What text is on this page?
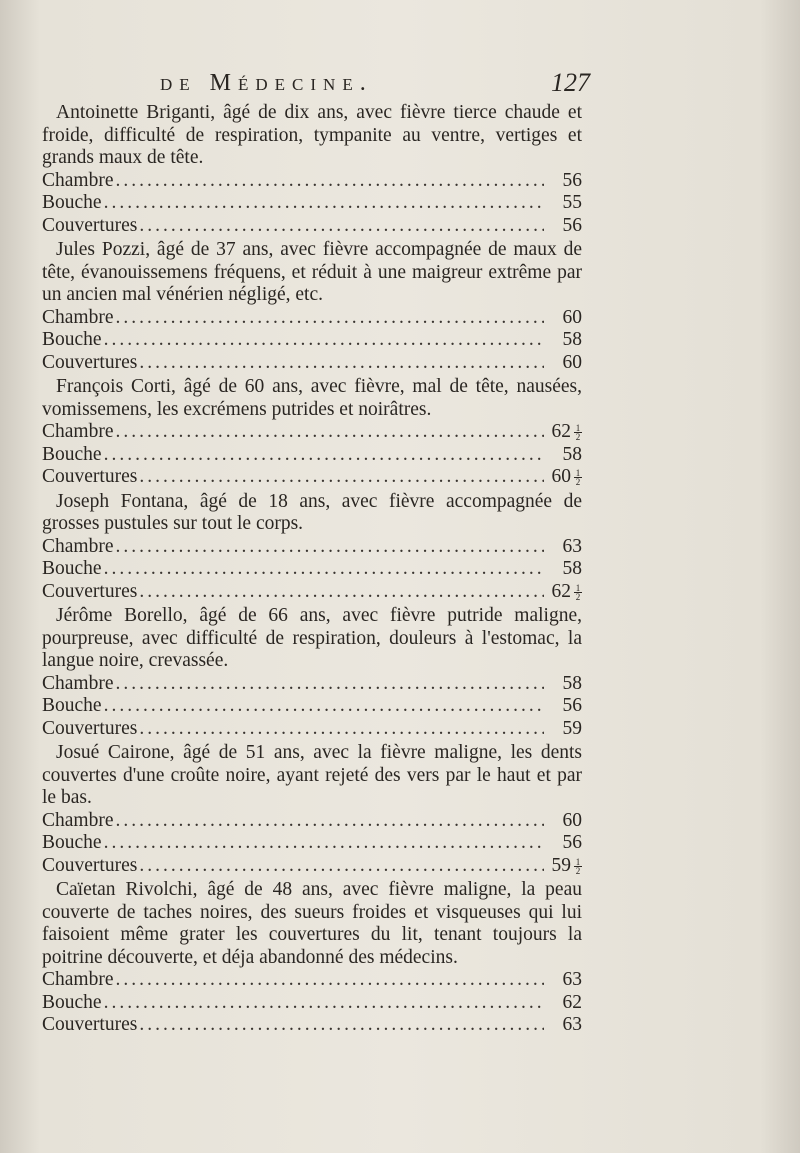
de Médecine.	127

Antoinette Briganti, âgé de dix ans, avec fièvre tierce chaude et froide, difficulté de respiration, tympanite au ventre, vertiges et grands maux de tête.

Chambre .....	56
Bouche .....	55
Couvertures .....	56

Jules Pozzi, âgé de 37 ans, avec fièvre accompagnée de maux de tête, évanouissemens fréquens, et réduit à une maigreur extrême par un ancien mal vénérien négligé, etc.

Chambre .....	60
Bouche .....	58
Couvertures .....	60

François Corti, âgé de 60 ans, avec fièvre, mal de tête, nausées, vomissemens, les excrémens putrides et noirâtres.

Chambre .....	$62 \frac{1}{2}$
Bouche .....	58
Couvertures .....	$60 \frac{1}{2}$

Joseph Fontana, âgé de 18 ans, avec fièvre accompagnée de grosses pustules sur tout le corps.

Chambre .....	63
Bouche .....	58
Couvertures .....	$62 \frac{1}{2}$

Jérôme Borello, âgé de 66 ans, avec fièvre putride maligne, pourpreuse, avec difficulté de respiration, douleurs à l'estomac, la langue noire, crevassée.

Chambre .....	58
Bouche .....	56
Couvertures .....	59

Josué Cairone, âgé de 51 ans, avec la fièvre maligne, les dents couvertes d'une croûte noire, ayant rejeté des vers par le haut et par le bas.

Chambre .....	60
Bouche .....	56
Couvertures .....	$59 \frac{1}{2}$

Caïetan Rivolchi, âgé de 48 ans, avec fièvre maligne, la peau couverte de taches noires, des sueurs froides et visqueuses qui lui faisoient même grater les couvertures du lit, tenant toujours la poitrine découverte, et déja abandonné des médecins.

Chambre .....	63
Bouche .....	62
Couvertures .....	63
